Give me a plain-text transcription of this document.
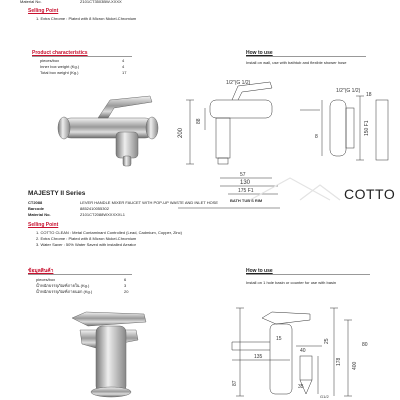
Material No.	Z101CT3503BW-XXXX
Selling Point
1. Extra Chrome : Plated with 8 Micron Nickel-Chromium
Product characteristics
pieces/box	4
Inner box weight (Kg.)	4
Total box weight (Kg.)	17
How to use
Install on wall, use with bathtub and flexible shower hose
1/2"(G 1/2)
200
88
57
130
175 F1
BATH TUB'S RIM
150 F1
18
8
1/2"(G 1/2)
MAJESTY II Series	COTTO
CT2088	LEVER HANDLE MIXER FAUCET WITH POP-UP WASTE AND INLET HOSE
Barcode	8852410055302
Material No.	Z101CT2088WXXXXXL1
Selling Point
1. COTTO CLEAN : Metal Contaminant Controlled (Lead, Cadmium, Copper, Zinc)
2. Extra Chrome : Plated with 8 Micron Nickel-Chromium
3. Water Saver : 50% Water Saved with installed Aerator
ข้อมูลสินค้า
pieces/box	6
น้ำหนักบรรจุภัณฑ์ภายใน (Kg.)	3
น้ำหนักบรรจุภัณฑ์ภายนอก (Kg.)	20
How to use
Install on 1 hole basin or counter for use with basin
135
15
87
25
178 400
80
40
35
G1/2
